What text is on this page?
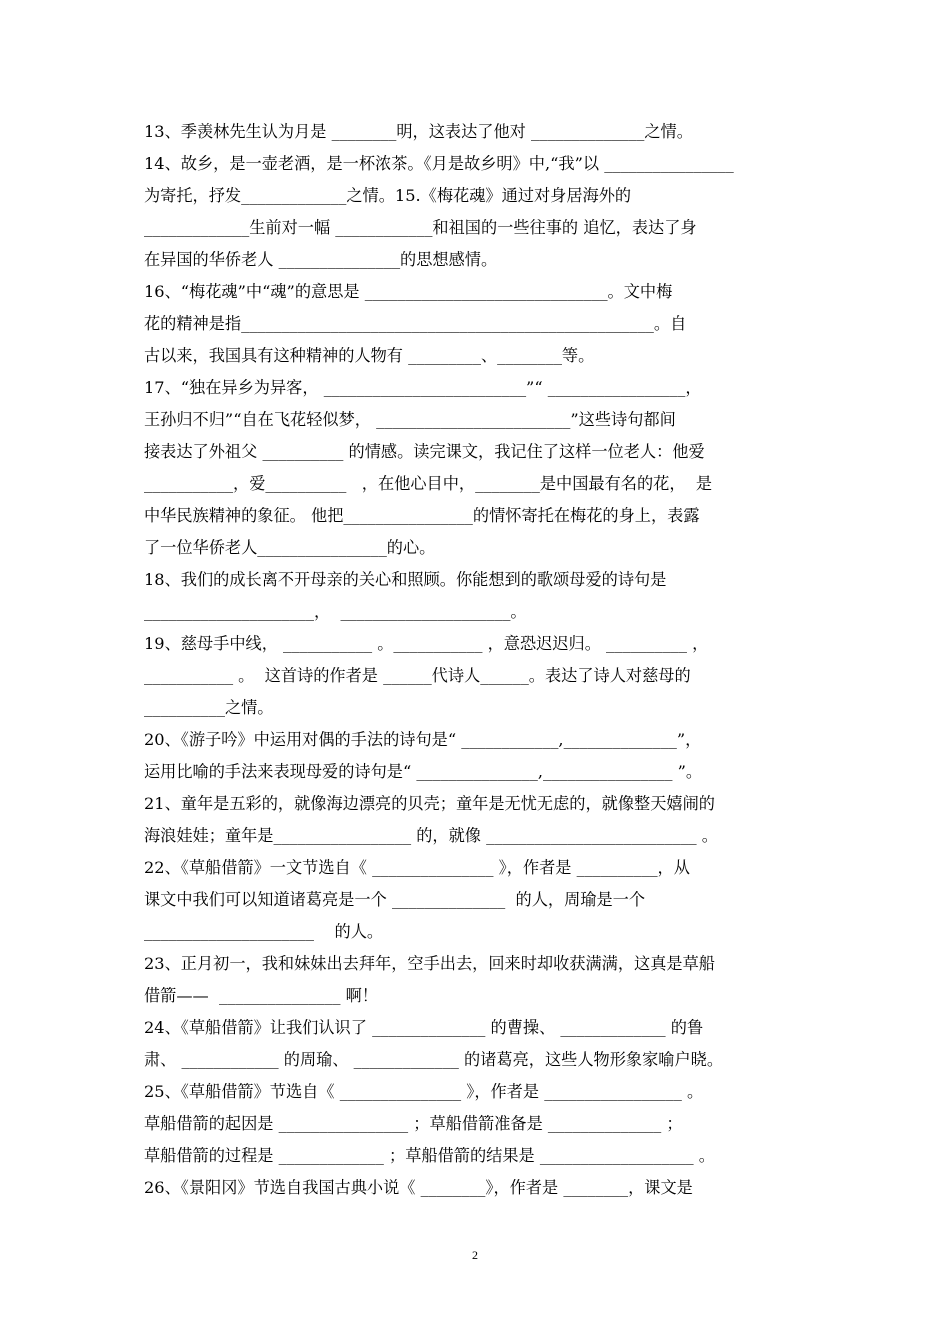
13、季羡林先生认为月是 ________明，这表达了他对 ______________之情。
14、故乡，是一壶老酒，是一杯浓茶。《月是故乡明》中,“我”以 ________________
为寄托，抒发_____________之情。15.《梅花魂》通过对身居海外的
_____________生前对一幅 ____________和祖国的一些往事的 追忆，表达了身
在异国的华侨老人 _______________的思想感情。
16、“梅花魂”中“魂”的意思是 ______________________________。文中梅
花的精神是指___________________________________________________。自
古以来，我国具有这种精神的人物有 _________、________等。
17、“独在异乡为异客， _________________________”“ _________________，
王孙归不归”“自在飞花轻似梦， ________________________”这些诗句都间
接表达了外祖父 __________ 的情感。读完课文，我记住了这样一位老人：他爱
___________，爱__________   ，在他心目中，________是中国最有名的花，  是
中华民族精神的象征。 他把________________的情怀寄托在梅花的身上，表露
了一位华侨老人________________的心。
18、我们的成长离不开母亲的关心和照顾。你能想到的歌颂母爱的诗句是
_____________________，  _____________________。
19、慈母手中线， ___________ 。___________ ，意恐迟迟归。 __________ ，
___________ 。  这首诗的作者是 ______代诗人______。表达了诗人对慈母的
__________之情。
20、《游子吟》中运用对偶的手法的诗句是“ ____________,______________”，
运用比喻的手法来表现母爱的诗句是“ _______________,________________ ”。
21、童年是五彩的，就像海边漂亮的贝壳；童年是无忧无虑的，就像整天嬉闹的
海浪娃娃；童年是_________________ 的，就像 __________________________ 。
22、《草船借箭》一文节选自《 _______________ 》，作者是 __________，从
课文中我们可以知道诸葛亮是一个 ______________  的人，周瑜是一个
_____________________    的人。
23、正月初一，我和妹妹出去拜年，空手出去，回来时却收获满满，这真是草船
借箭——  _______________ 啊！
24、《草船借箭》让我们认识了 ______________ 的曹操、 _____________ 的鲁
肃、 ____________ 的周瑜、 _____________ 的诸葛亮，这些人物形象家喻户晓。
25、《草船借箭》节选自《 _______________ 》，作者是 _________________ 。
草船借箭的起因是 ________________ ；草船借箭准备是 ______________ ；
草船借箭的过程是 _____________ ；草船借箭的结果是 ___________________ 。
26、《景阳冈》节选自我国古典小说《 ________》，作者是 ________，课文是
2
